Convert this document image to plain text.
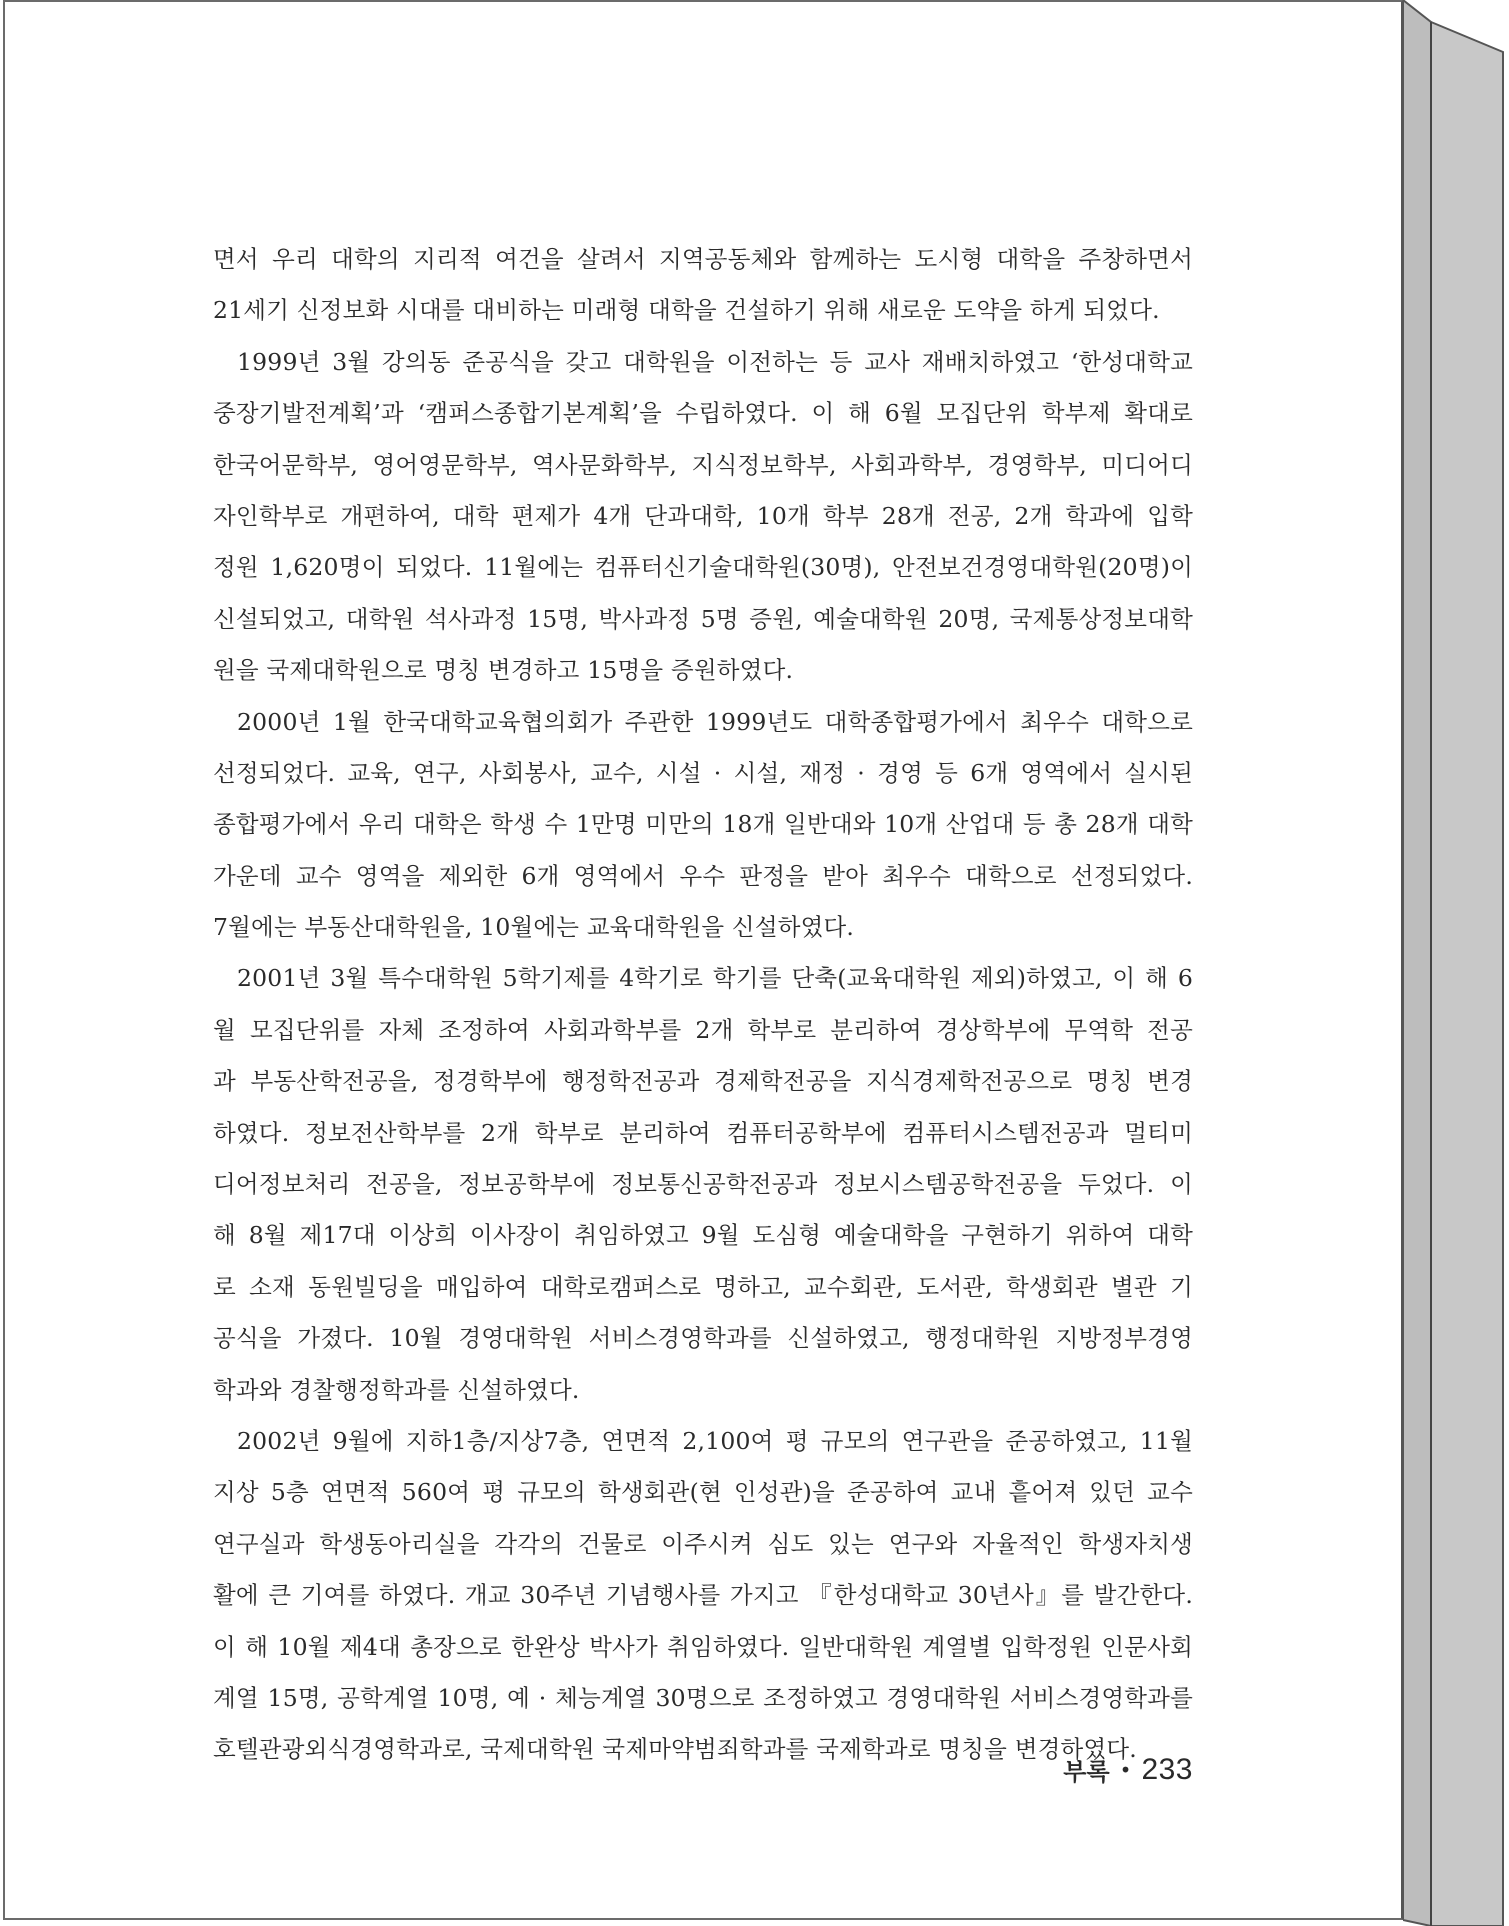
면서 우리 대학의 지리적 여건을 살려서 지역공동체와 함께하는 도시형 대학을 주창하면서
21세기 신정보화 시대를 대비하는 미래형 대학을 건설하기 위해 새로운 도약을 하게 되었다.
1999년 3월 강의동 준공식을 갖고 대학원을 이전하는 등 교사 재배치하였고 ‘한성대학교
중장기발전계획’과 ‘캠퍼스종합기본계획’을 수립하였다. 이 해 6월 모집단위 학부제 확대로
한국어문학부, 영어영문학부, 역사문화학부, 지식정보학부, 사회과학부, 경영학부, 미디어디
자인학부로 개편하여, 대학 편제가 4개 단과대학, 10개 학부 28개 전공, 2개 학과에 입학
정원 1,620명이 되었다. 11월에는 컴퓨터신기술대학원(30명), 안전보건경영대학원(20명)이
신설되었고, 대학원 석사과정 15명, 박사과정 5명 증원, 예술대학원 20명, 국제통상정보대학
원을 국제대학원으로 명칭 변경하고 15명을 증원하였다.
2000년 1월 한국대학교육협의회가 주관한 1999년도 대학종합평가에서 최우수 대학으로
선정되었다. 교육, 연구, 사회봉사, 교수, 시설 · 시설, 재정 · 경영 등 6개 영역에서 실시된
종합평가에서 우리 대학은 학생 수 1만명 미만의 18개 일반대와 10개 산업대 등 총 28개 대학
가운데 교수 영역을 제외한 6개 영역에서 우수 판정을 받아 최우수 대학으로 선정되었다.
7월에는 부동산대학원을, 10월에는 교육대학원을 신설하였다.
2001년 3월 특수대학원 5학기제를 4학기로 학기를 단축(교육대학원 제외)하였고, 이 해 6
월 모집단위를 자체 조정하여 사회과학부를 2개 학부로 분리하여 경상학부에 무역학 전공
과 부동산학전공을, 정경학부에 행정학전공과 경제학전공을 지식경제학전공으로 명칭 변경
하였다. 정보전산학부를 2개 학부로 분리하여 컴퓨터공학부에 컴퓨터시스템전공과 멀티미
디어정보처리 전공을, 정보공학부에 정보통신공학전공과 정보시스템공학전공을 두었다. 이
해 8월 제17대 이상희 이사장이 취임하였고 9월 도심형 예술대학을 구현하기 위하여 대학
로 소재 동원빌딩을 매입하여 대학로캠퍼스로 명하고, 교수회관, 도서관, 학생회관 별관 기
공식을 가졌다. 10월 경영대학원 서비스경영학과를 신설하였고, 행정대학원 지방정부경영
학과와 경찰행정학과를 신설하였다.
2002년 9월에 지하1층/지상7층, 연면적 2,100여 평 규모의 연구관을 준공하였고, 11월
지상 5층 연면적 560여 평 규모의 학생회관(현 인성관)을 준공하여 교내 흩어져 있던 교수
연구실과 학생동아리실을 각각의 건물로 이주시켜 심도 있는 연구와 자율적인 학생자치생
활에 큰 기여를 하였다. 개교 30주년 기념행사를 가지고 『한성대학교 30년사』를 발간한다.
이 해 10월 제4대 총장으로 한완상 박사가 취임하였다. 일반대학원 계열별 입학정원 인문사회
계열 15명, 공학계열 10명, 예 · 체능계열 30명으로 조정하였고 경영대학원 서비스경영학과를
호텔관광외식경영학과로, 국제대학원 국제마약범죄학과를 국제학과로 명칭을 변경하였다.
부록 • 233
